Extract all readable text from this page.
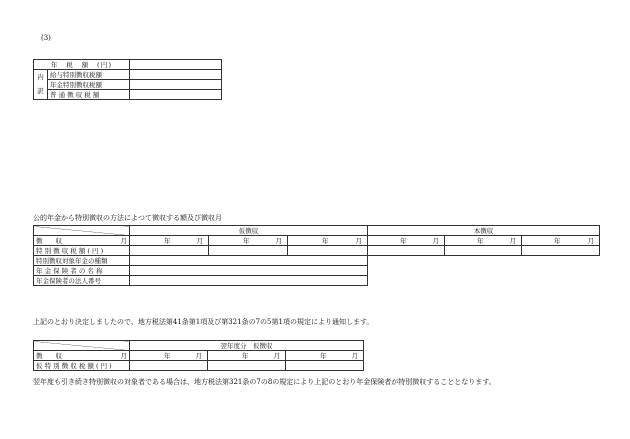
(3)
年　税　額　(円)		

内
訳	給与特別徴収税額	
	年金特別徴収税額	
	普 通 徴 収 税 額	
公的年金から特別徴収の方法によつて徴収する額及び徴収月
	仮徴収			本徴収		

徴　　収 月	年 月	年 月	年 月	年 月	年 月	年 月

特 別 徴 収 税 額 ( 円 )						
特別徴収対象年金の種類						
年 金 保 険 者 の 名 称						
年金保険者の法人番号						
上記のとおり決定しましたので、地方税法第41条第1項及び第321条の7の5第1項の規定により通知します。
	翌年度分　仮徴収		

徴　　収 月	年 月	年 月	年 月

仮 特 別 徴 収 税 額 ( 円 )			
翌年度も引き続き特別徴収の対象者である場合は、地方税法第321条の7の8の規定により上記のとおり年金保険者が特別徴収することとなります。
